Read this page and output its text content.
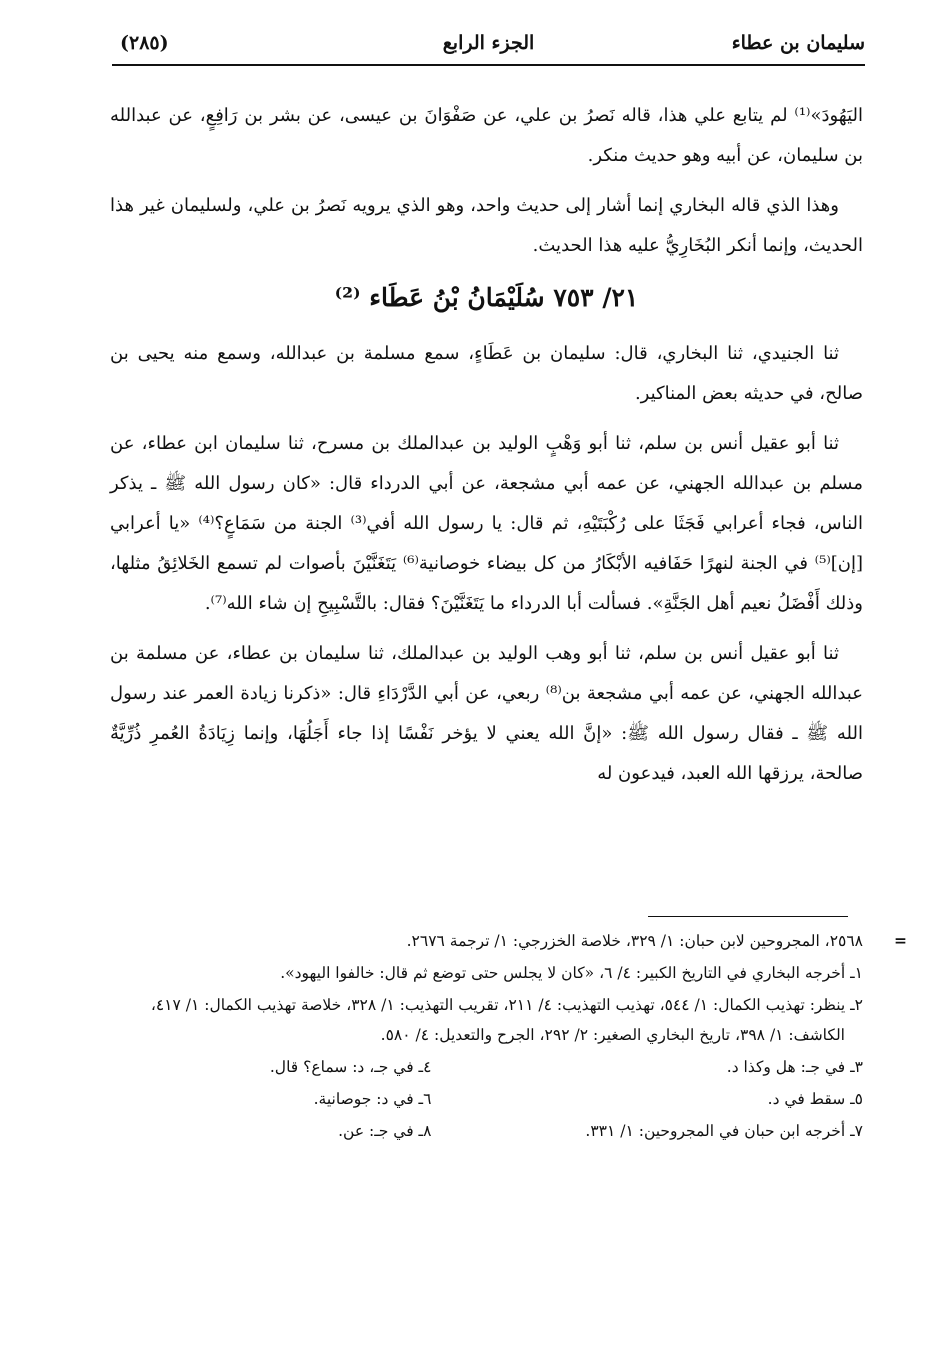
سليمان بن عطاء
الجزء الرابع
(٢٨٥)

اليَهُودَ»⁽¹⁾ لم يتابع علي هذا، قاله نَصرُ بن علي، عن صَفْوَانَ بن عيسى، عن بشر بن رَافِعٍ، عن عبدالله بن سليمان، عن أبيه وهو حديث منكر.

وهذا الذي قاله البخاري إنما أشار إلى حديث واحد، وهو الذي يرويه نَصرُ بن علي، ولسليمان غير هذا الحديث، وإنما أنكر البُخَارِيُّ عليه هذا الحديث.

٢١/ ٧٥٣ سُلَيْمَانُ بْنُ عَطَاء ⁽²⁾

ثنا الجنيدي، ثنا البخاري، قال: سليمان بن عَطَاءٍ، سمع مسلمة بن عبدالله، وسمع منه يحيى بن صالح، في حديثه بعض المناكير.

ثنا أبو عقيل أنس بن سلم، ثنا أبو وَهْبٍ الوليد بن عبدالملك بن مسرح، ثنا سليمان ابن عطاء، عن مسلم بن عبدالله الجهني، عن عمه أبي مشجعة، عن أبي الدرداء قال: «كان رسول الله ﷺ ـ يذكر الناس، فجاء أعرابي فَجَثَا على رُكْبَتَيْهِ، ثم قال: يا رسول الله أفي⁽³⁾ الجنة من سَمَاعٍ؟⁽⁴⁾ «يا أعرابي [إن]⁽⁵⁾ في الجنة لنهرًا حَفَافيه الأبْكَارُ من كل بيضاء خوصانية⁽⁶⁾ يَتَغَنَّيْنَ بأصوات لم تسمع الخَلائِقُ مثلها، وذلك أَفْضَلُ نعيم أهل الجَنَّةِ». فسألت أبا الدرداء ما يَتَغَنَّيْنَ؟ فقال: بالتَّسْبِيحِ إن شاء الله⁽⁷⁾.

ثنا أبو عقيل أنس بن سلم، ثنا أبو وهب الوليد بن عبدالملك، ثنا سليمان بن عطاء، عن مسلمة بن عبدالله الجهني، عن عمه أبي مشجعة بن⁽⁸⁾ ربعي، عن أبي الدَّرْدَاءِ قال: «ذكرنا زيادة العمر عند رسول الله ﷺ ـ فقال رسول الله ﷺ: «إنَّ الله يعني لا يؤخر نَفْسًا إذا جاء أَجَلُهَا، وإنما زِيَادَةُ العُمرِ ذُرِّيَّةٌ صالحة، يرزقها الله العبد، فيدعون له

=
٢٥٦٨، المجروحين لابن حبان: ١/ ٣٢٩، خلاصة الخزرجي: ١/ ترجمة ٢٦٧٦.
١ـ أخرجه البخاري في التاريخ الكبير: ٤/ ٦، «كان لا يجلس حتى توضع ثم قال: خالفوا اليهود».
٢ـ ينظر: تهذيب الكمال: ١/ ٥٤٤، تهذيب التهذيب: ٤/ ٢١١، تقريب التهذيب: ١/ ٣٢٨، خلاصة تهذيب الكمال: ١/ ٤١٧، الكاشف: ١/ ٣٩٨، تاريخ البخاري الصغير: ٢/ ٢٩٢، الجرح والتعديل: ٤/ ٥٨٠.
٣ـ في جـ: هل وكذا د.
٤ـ في جـ، د: سماع؟ قال.
٥ـ سقط في د.
٦ـ في د: جوصانية.
٧ـ أخرجه ابن حبان في المجروحين: ١/ ٣٣١.
٨ـ في جـ: عن.
